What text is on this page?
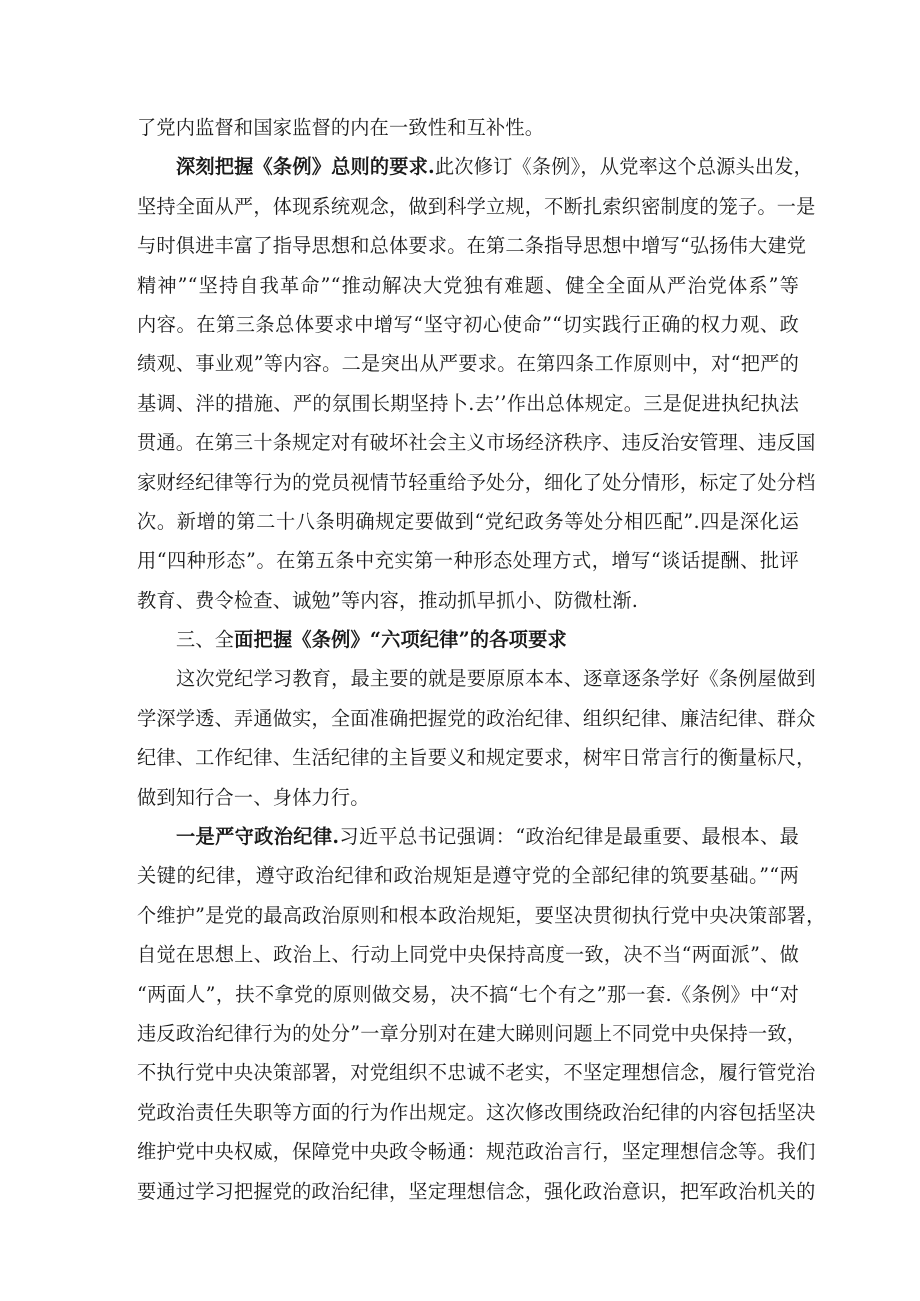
了党内监督和国家监督的内在一致性和互补性。
深刻把握《条例》总则的要求.此次修订《条例》，从党率这个总源头出发，
坚持全面从严，体现系统观念，做到科学立规，不断扎索织密制度的笼子。一是
与时俱进丰富了指导思想和总体要求。在第二条指导思想中增写“弘扬伟大建党
精神”“坚持自我革命”“推动解决大党独有难题、健全全面从严治党体系”等
内容。在第三条总体要求中增写“坚守初心使命”“切实践行正确的权力观、政
绩观、事业观”等内容。二是突出从严要求。在第四条工作原则中，对“把严的
基调、泮的措施、严的氛围长期坚持卜.去’’作出总体规定。三是促进执纪执法
贯通。在第三十条规定对有破坏社会主义市场经济秩序、违反治安管理、违反国
家财经纪律等行为的党员视情节轻重给予处分，细化了处分情形，标定了处分档
次。新增的第二十八条明确规定要做到“党纪政务等处分相匹配”.四是深化运
用“四种形态”。在第五条中充实第一种形态处理方式，增写“谈话提酬、批评
教育、费令检查、诚勉”等内容，推动抓早抓小、防微杜渐.
三、全面把握《条例》“六项纪律”的各项要求
这次党纪学习教育，最主要的就是要原原本本、逐章逐条学好《条例屋做到
学深学透、弄通做实，全面准确把握党的政治纪律、组织纪律、廉洁纪律、群众
纪律、工作纪律、生活纪律的主旨要义和规定要求，树牢日常言行的衡量标尺，
做到知行合一、身体力行。
一是严守政治纪律.习近平总书记强调：“政治纪律是最重要、最根本、最
关键的纪律，遵守政治纪律和政治规矩是遵守党的全部纪律的筑要基础。”“两
个维护”是党的最高政治原则和根本政治规矩，要坚决贯彻执行党中央决策部署，
自觉在思想上、政治上、行动上同党中央保持高度一致，决不当“两面派”、做
“两面人”，扶不拿党的原则做交易，决不搞“七个有之”那一套.《条例》中“对
违反政治纪律行为的处分”一章分别对在建大睇则问题上不同党中央保持一致，
不执行党中央决策部署，对党组织不忠诚不老实，不坚定理想信念，履行管党治
党政治责任失职等方面的行为作出规定。这次修改围绕政治纪律的内容包括坚决
维护党中央权威，保障党中央政令畅通：规范政治言行，坚定理想信念等。我们
要通过学习把握党的政治纪律，坚定理想信念，强化政治意识，把军政治机关的
